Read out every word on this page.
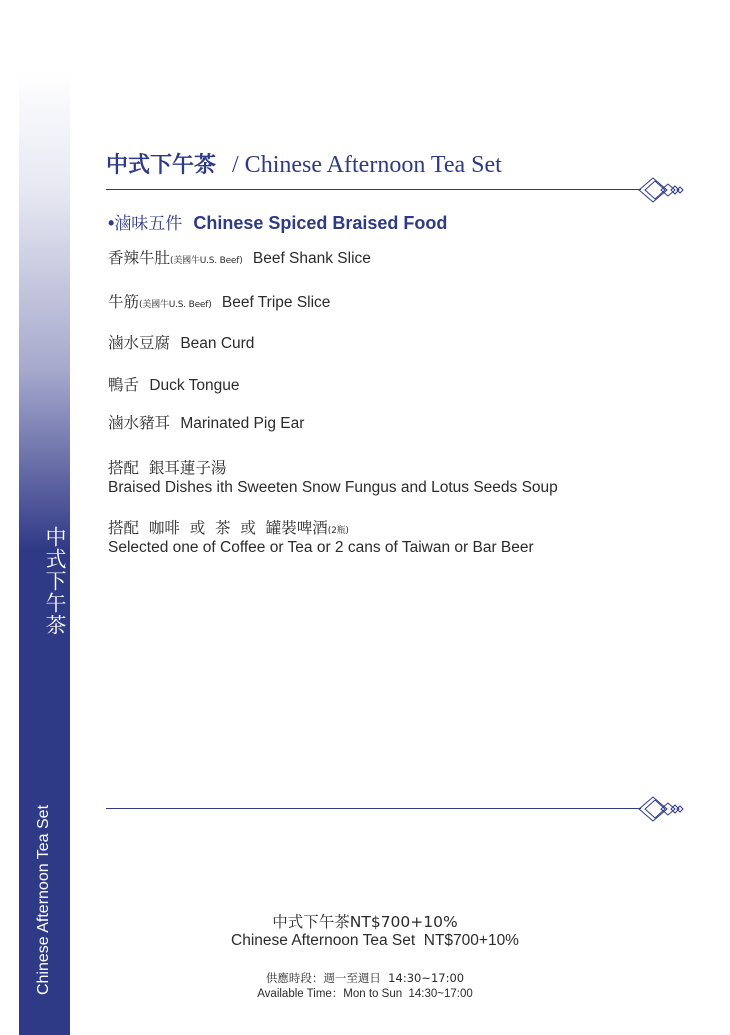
中式下午茶
Chinese Afternoon Tea Set
中式下午茶 / Chinese Afternoon Tea Set
•滷味五件 Chinese Spiced Braised Food
香辣牛肚(美國牛U.S. Beef) Beef Shank Slice
牛筋(美國牛U.S. Beef) Beef Tripe Slice
滷水豆腐 Bean Curd
鴨舌 Duck Tongue
滷水豬耳 Marinated Pig Ear
搭配  銀耳蓮子湯
Braised Dishes ith Sweeten Snow Fungus and Lotus Seeds Soup
搭配  咖啡  或  茶  或  罐裝啤酒(2瓶)
Selected one of Coffee or Tea or 2 cans of Taiwan or Bar Beer
中式下午茶NT$700+10%
Chinese Afternoon Tea Set  NT$700+10%
供應時段：週一至週日  14:30~17:00
Available Time：Mon to Sun  14:30~17:00
